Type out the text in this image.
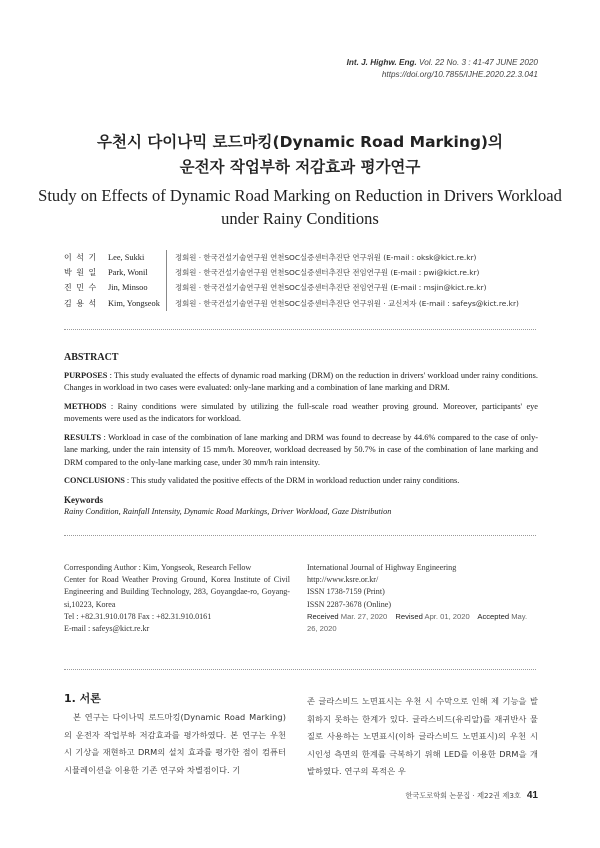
Int. J. Highw. Eng. Vol. 22 No. 3 : 41-47 JUNE 2020
https://doi.org/10.7855/IJHE.2020.22.3.041
우천시 다이나믹 로드마킹(Dynamic Road Marking)의
운전자 작업부하 저감효과 평가연구
Study on Effects of Dynamic Road Marking on Reduction in Drivers Workload
under Rainy Conditions
이 석 기	Lee, Sukki	정회원 · 한국건설기술연구원 연천SOC실증센터추진단 연구위원 (E-mail : oksk@kict.re.kr)
박 원 일	Park, Wonil	정회원 · 한국건설기술연구원 연천SOC실증센터추진단 전임연구원 (E-mail : pwi@kict.re.kr)
진 민 수	Jin, Minsoo	정회원 · 한국건설기술연구원 연천SOC실증센터추진단 전임연구원 (E-mail : msjin@kict.re.kr)
김 용 석	Kim, Yongseok	정회원 · 한국건설기술연구원 연천SOC실증센터추진단 연구위원 · 교신저자 (E-mail : safeys@kict.re.kr)
ABSTRACT

PURPOSES : This study evaluated the effects of dynamic road marking (DRM) on the reduction in drivers' workload under rainy conditions. Changes in workload in two cases were evaluated: only-lane marking and a combination of lane marking and DRM.

METHODS : Rainy conditions were simulated by utilizing the full-scale road weather proving ground. Moreover, participants' eye movements were used as the indicators for workload.

RESULTS : Workload in case of the combination of lane marking and DRM was found to decrease by 44.6% compared to the case of only-lane marking, under the rain intensity of 15 mm/h. Moreover, workload decreased by 50.7% in case of the combination of lane marking and DRM compared to the only-lane marking case, under 30 mm/h rain intensity.

CONCLUSIONS : This study validated the positive effects of the DRM in workload reduction under rainy conditions.

Keywords
Rainy Condition, Rainfall Intensity, Dynamic Road Markings, Driver Workload, Gaze Distribution
Corresponding Author : Kim, Yongseok, Research Fellow
Center for Road Weather Proving Ground, Korea Institute of Civil Engineering and Building Technology, 283, Goyangdae-ro, Goyang-si,10223, Korea
Tel : +82.31.910.0178 Fax : +82.31.910.0161
E-mail : safeys@kict.re.kr
International Journal of Highway Engineering
http://www.ksre.or.kr/
ISSN 1738-7159 (Print)
ISSN 2287-3678 (Online)
Received Mar. 27, 2020 Revised Apr. 01, 2020 Accepted May. 26, 2020
1. 서론
본 연구는 다이나믹 로드마킹(Dynamic Road Marking)의 운전자 작업부하 저감효과를 평가하였다. 본 연구는 우천 시 기상을 재현하고 DRM의 설치 효과를 평가한 점이 컴퓨터 시뮬레이션을 이용한 기존 연구와 차별점이다. 기
존 글라스비드 노면표시는 우천 시 수막으로 인해 제 기능을 발휘하지 못하는 한계가 있다. 글라스비드(유리알)를 재귀반사 물질로 사용하는 노면표시(이하 글라스비드 노면표시)의 우천 시 시인성 측면의 한계를 극복하기 위해 LED를 이용한 DRM을 개발하였다. 연구의 목적은 우
한국도로학회 논문집 · 제22권 제3호 41
